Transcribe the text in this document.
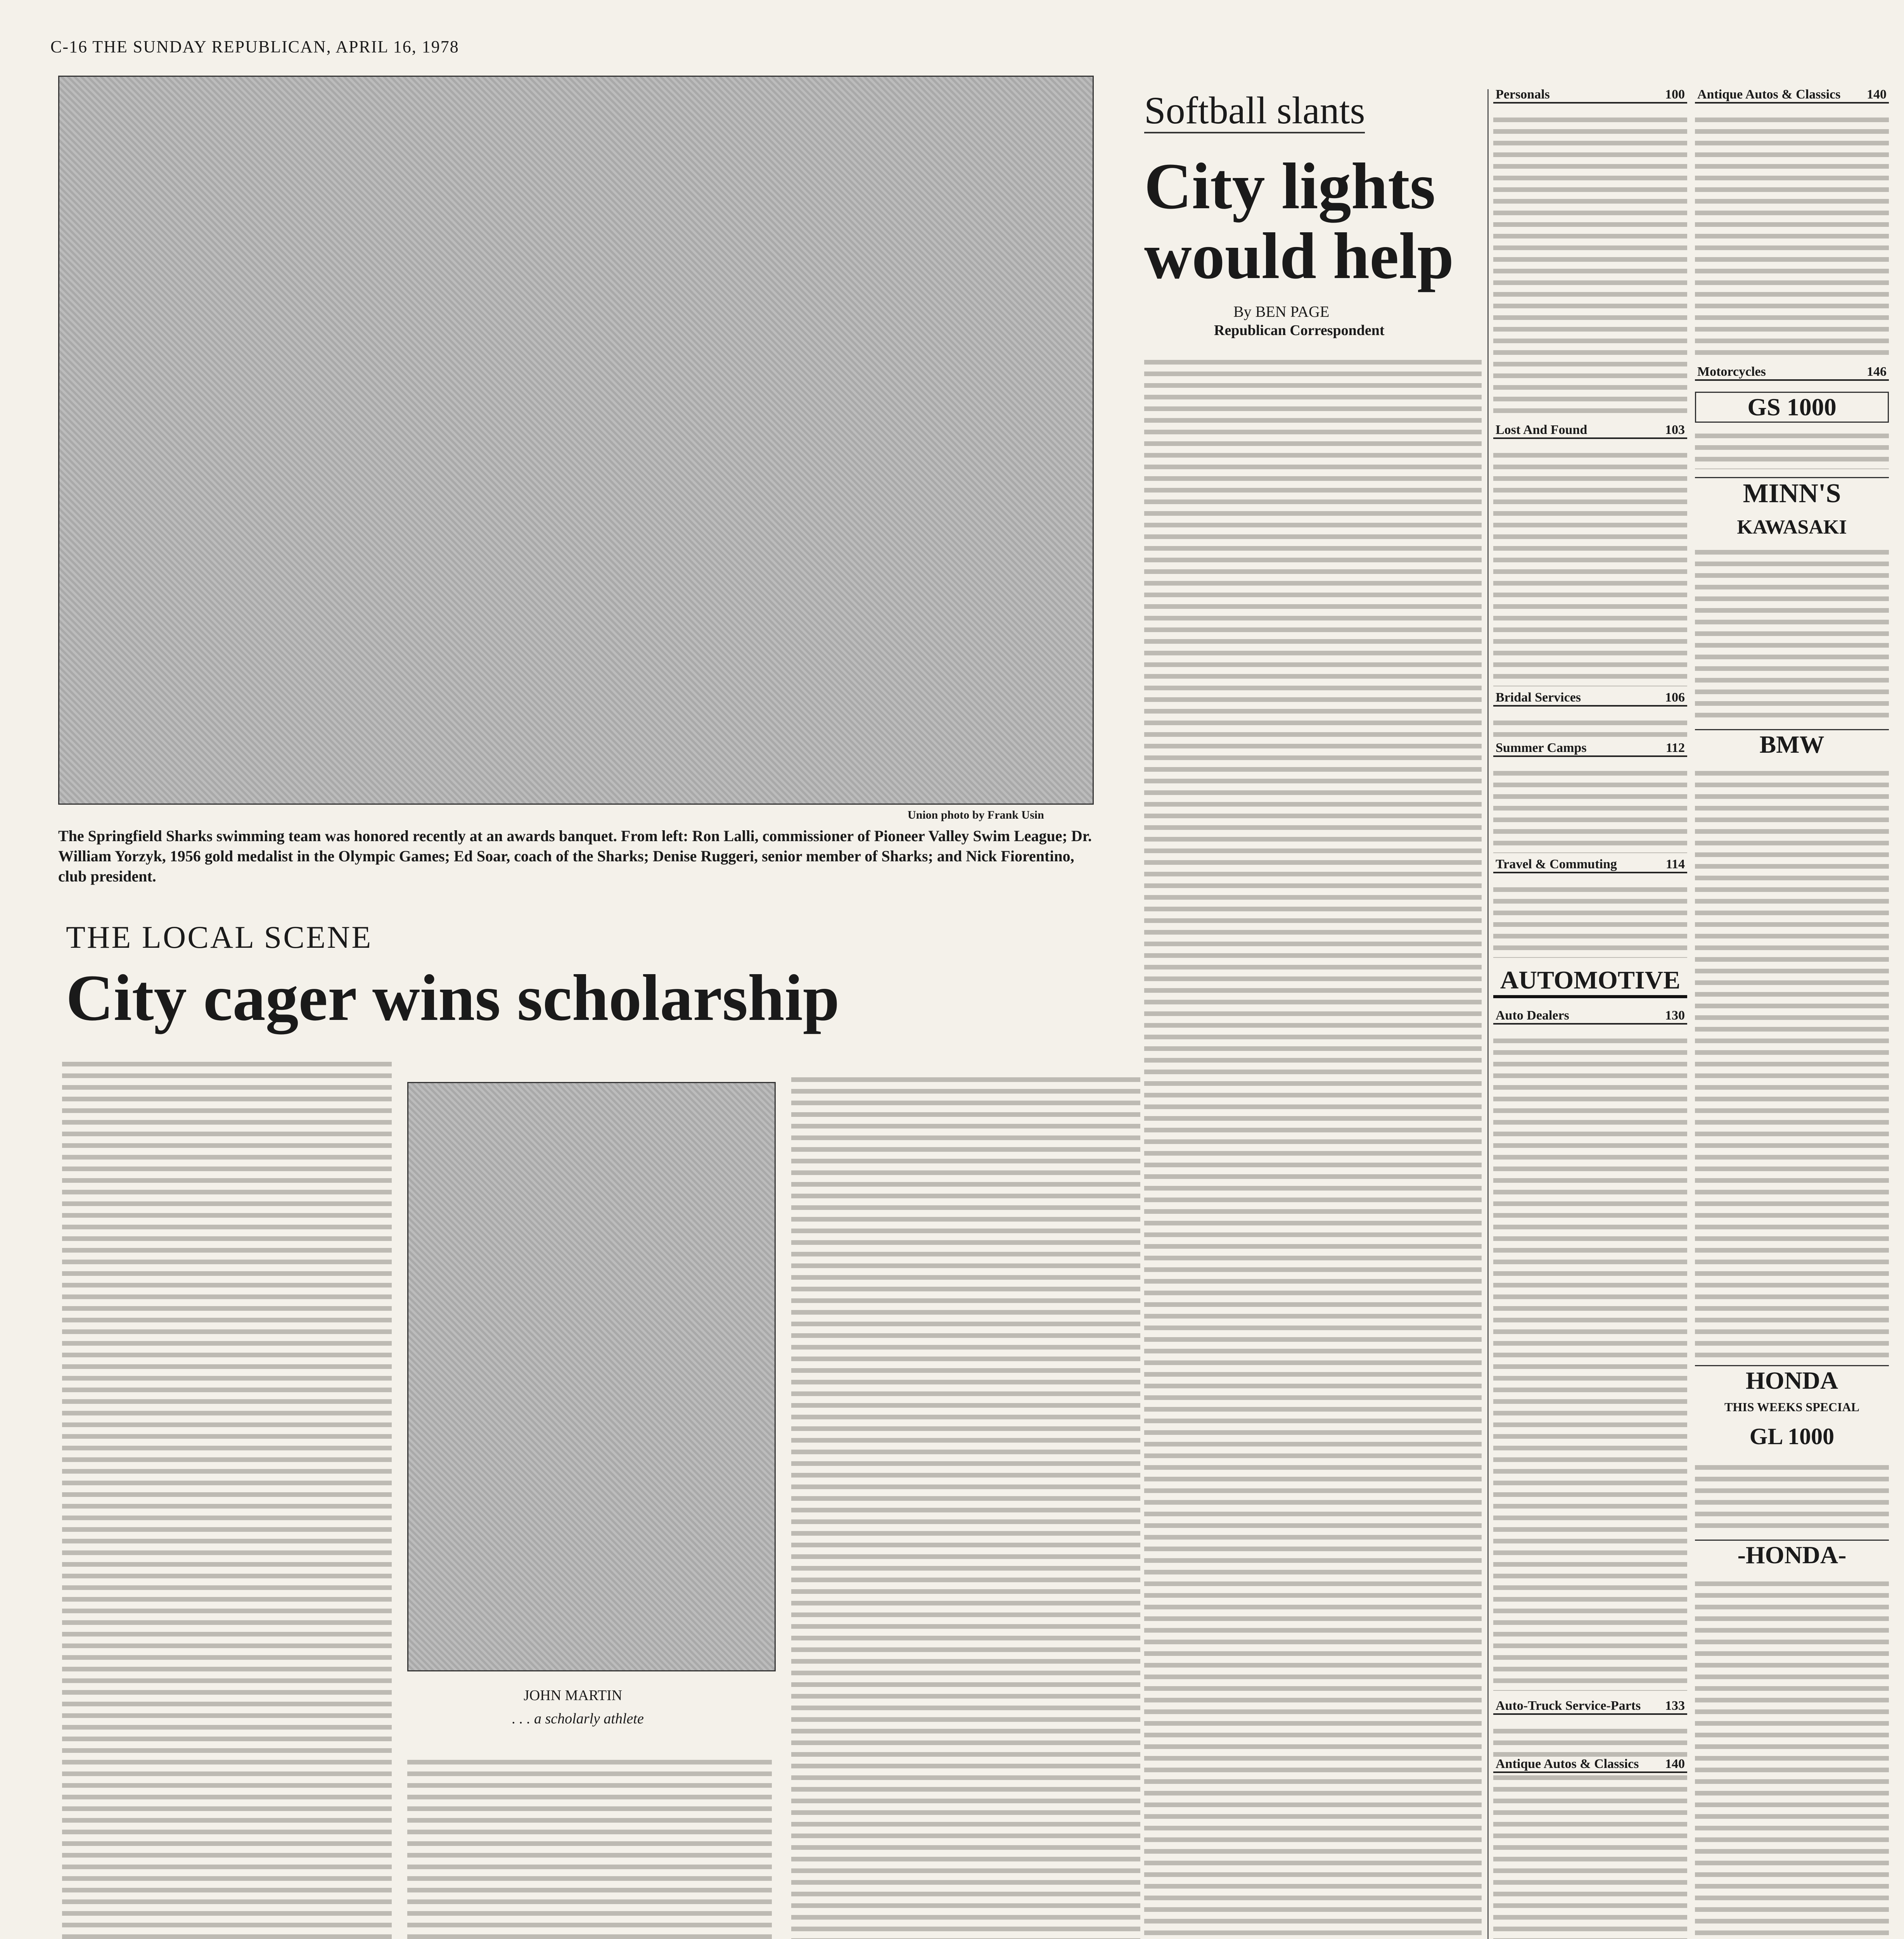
C-16 THE SUNDAY REPUBLICAN, APRIL 16, 1978
Union photo by Frank Usin
The Springfield Sharks swimming team was honored recently at an awards banquet. From left: Ron Lalli, commissioner of Pioneer Valley Swim League; Dr. William Yorzyk, 1956 gold medalist in the Olympic Games; Ed Soar, coach of the Sharks; Denise Ruggeri, senior member of Sharks; and Nick Fiorentino, club president.
THE LOCAL SCENE
City cager wins scholarship
JOHN MARTIN
. . . a scholarly athlete
Softball slants
City lights would help
By BEN PAGE
Republican Correspondent
Personals	100
Lost And Found	103
Bridal Services	106
Summer Camps	112
Travel & Commuting	114
AUTOMOTIVE
Auto Dealers	130
Auto-Truck Service-Parts 133
Antique Autos & Classics 140
Antique Autos & Classics 140
Motorcycles	146
GS 1000
MINN'S
KAWASAKI
BMW
HONDA
THIS WEEKS SPECIAL
GL 1000
-HONDA-
